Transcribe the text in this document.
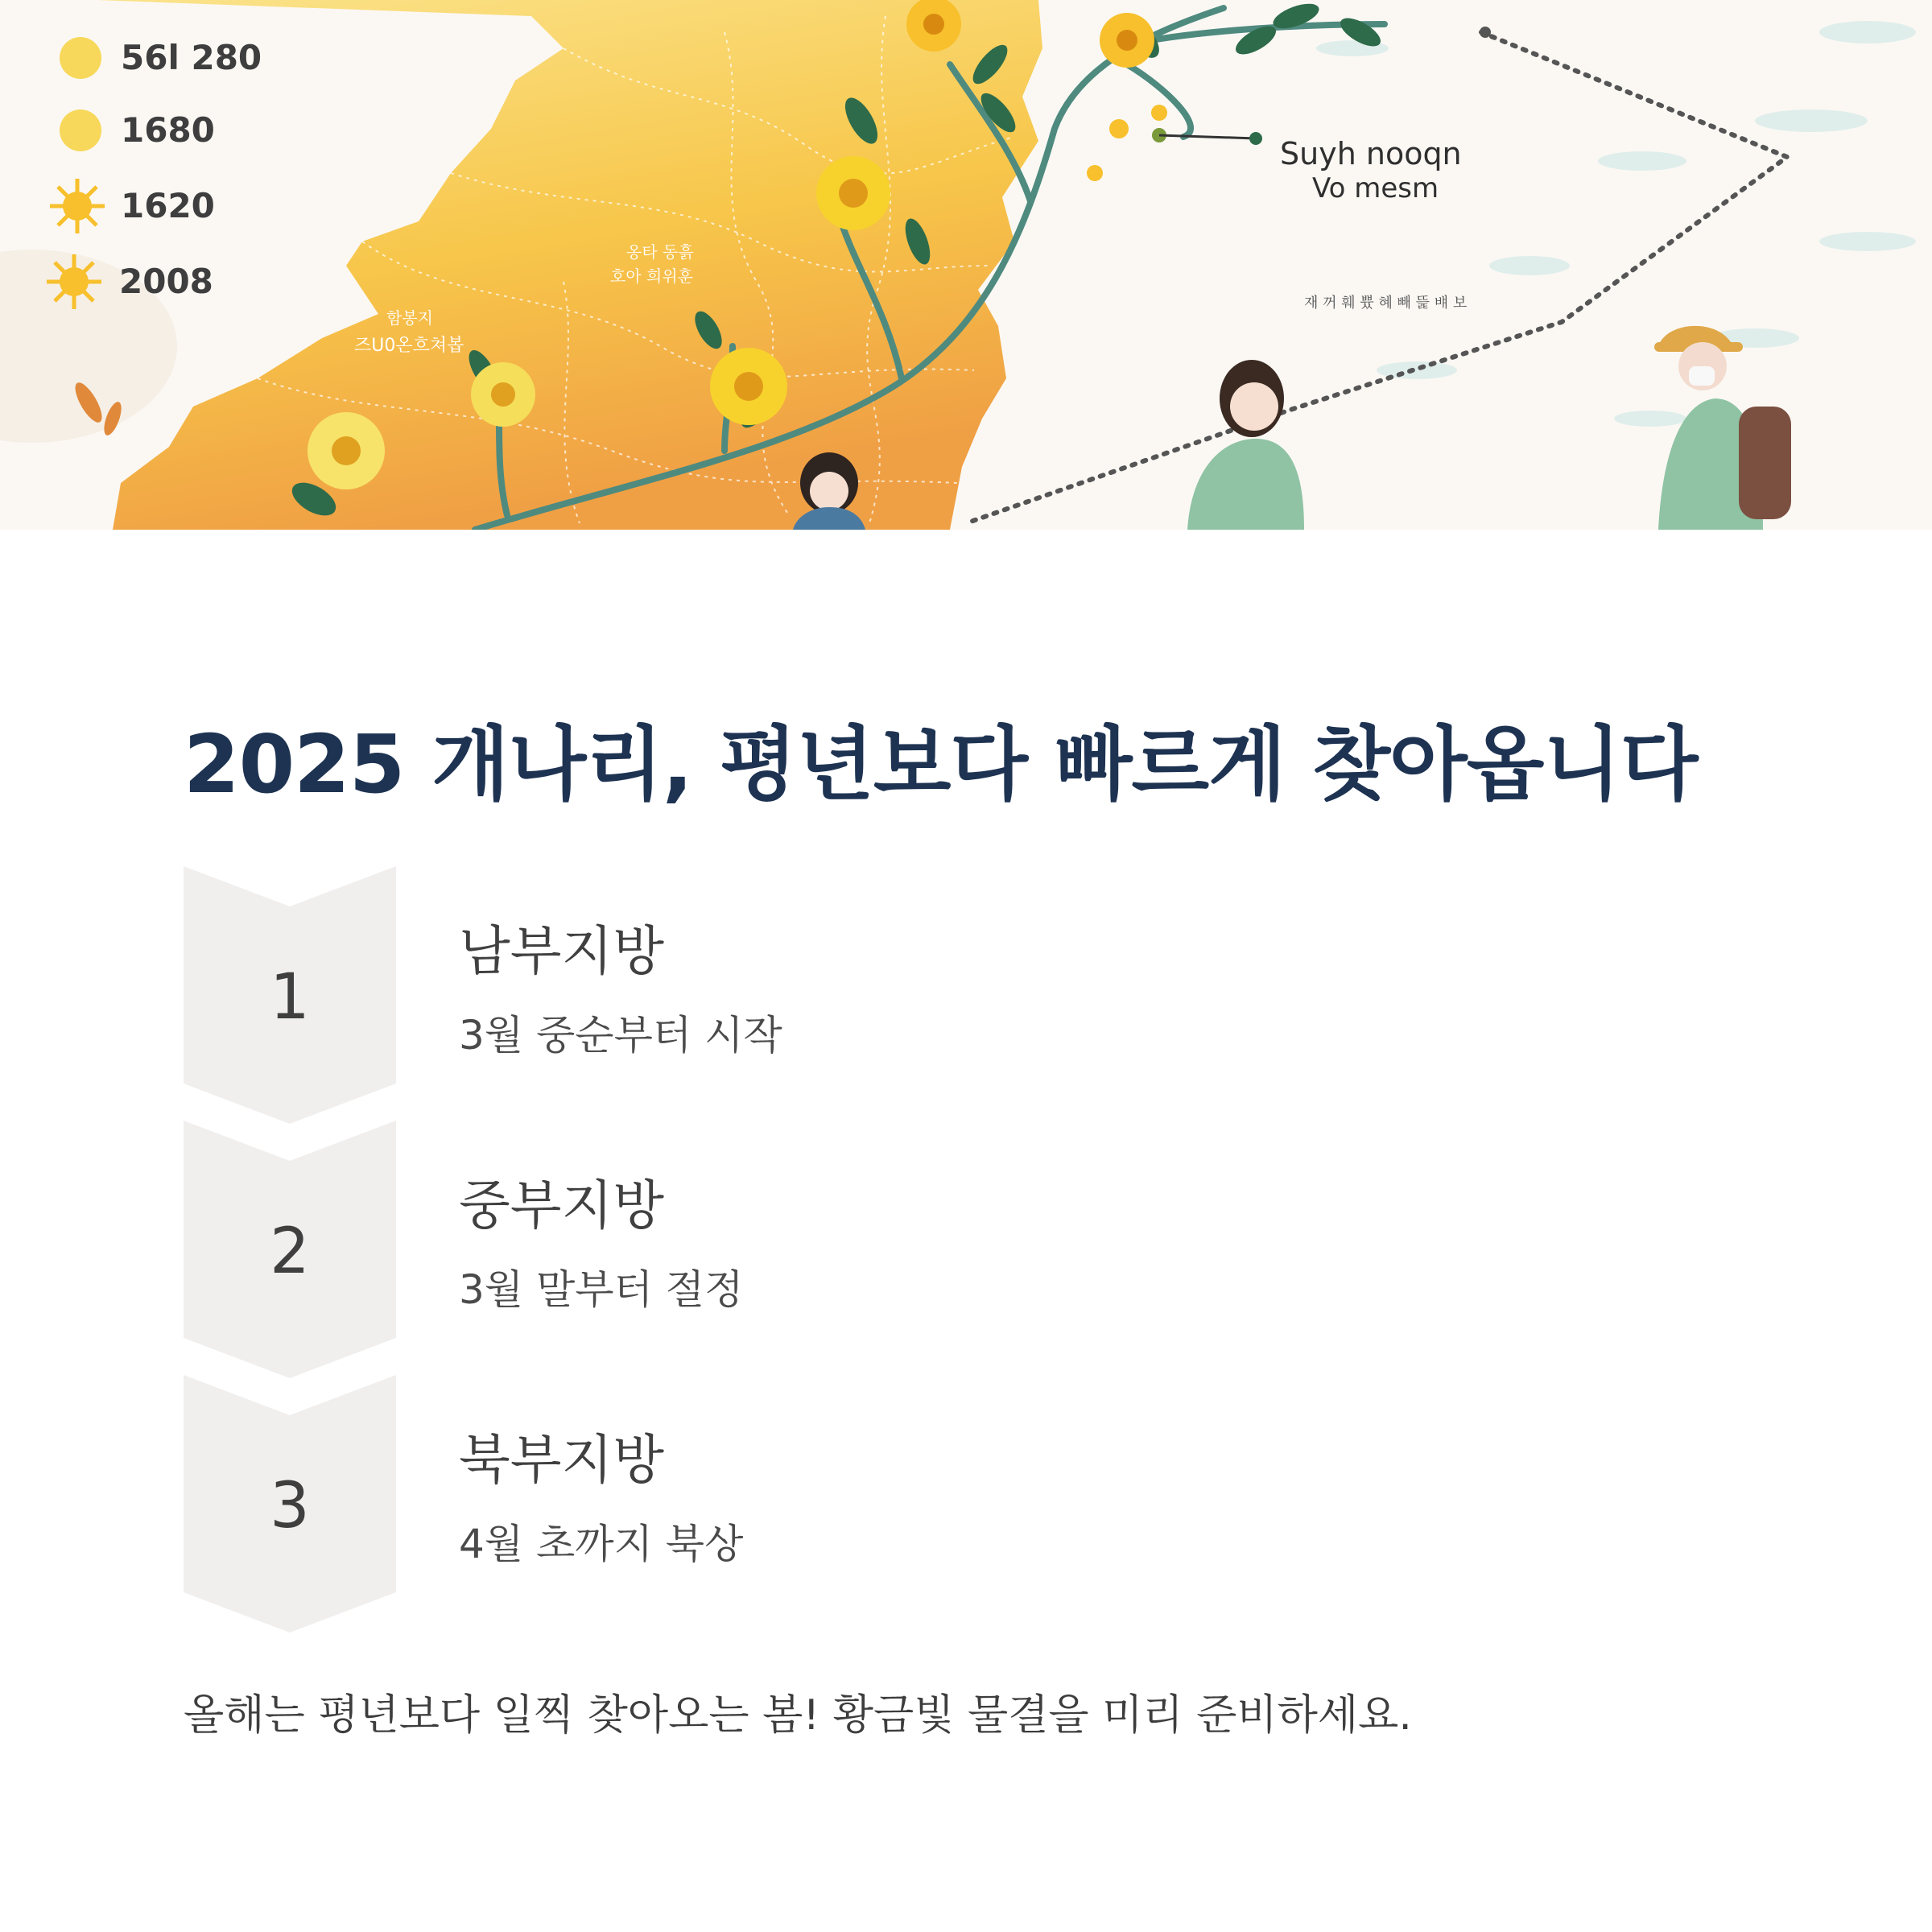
56l 280
1680
1620
2008
Suyh nooqn
Vo mesm
옹타 동흙
호아 희위훈
함봉지
즈U0온흐쳐봅
재 꺼 훼 쁐 혜 빼 뜵 뱨 보
2025 개나리, 평년보다 빠르게 찾아옵니다
1
남부지방
3월 중순부터 시작
2
중부지방
3월 말부터 절정
3
북부지방
4월 초까지 북상
올해는 평년보다 일찍 찾아오는 봄! 황금빛 물결을 미리 준비하세요.
